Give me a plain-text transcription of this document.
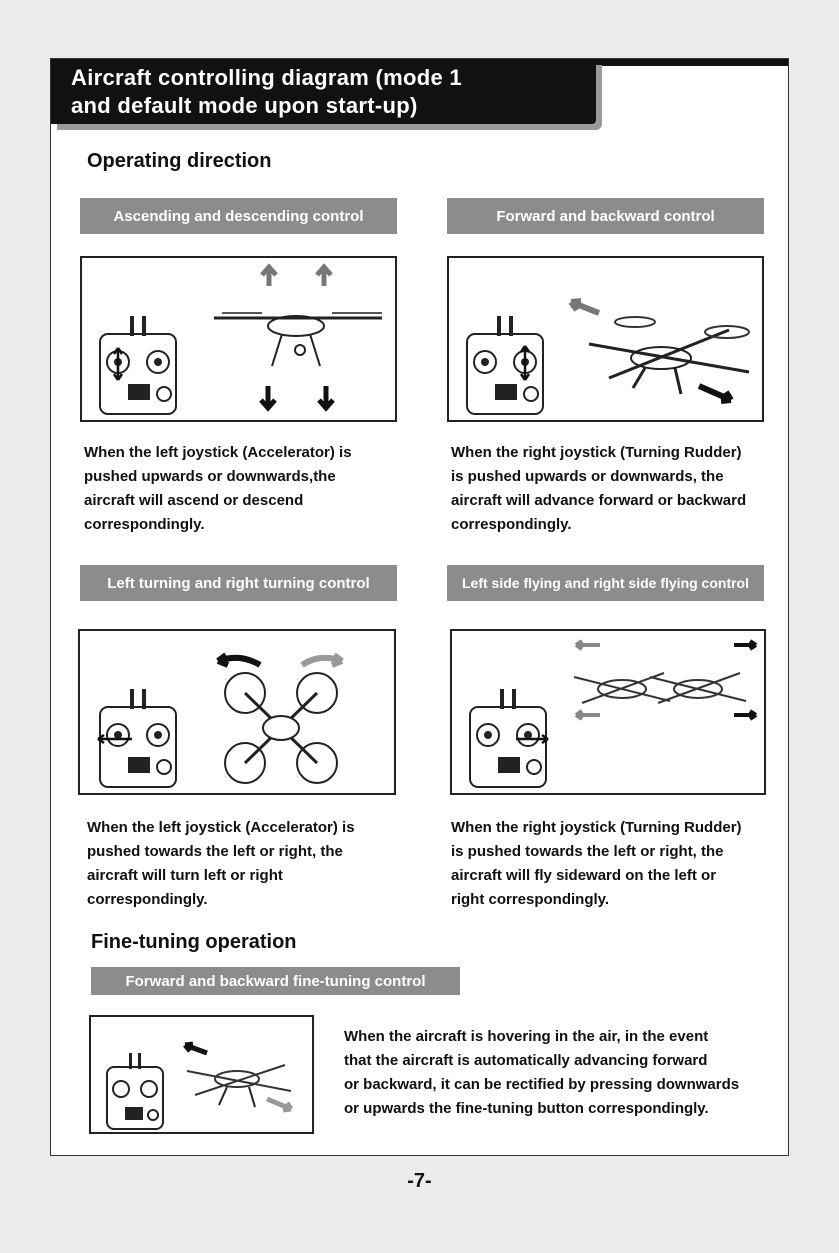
Aircraft controlling diagram (mode 1
and default mode upon start-up)
Operating direction
Ascending and descending control
When the left joystick (Accelerator) is
pushed upwards or downwards,the
aircraft will ascend or descend
correspondingly.
Forward and backward control
When the right joystick (Turning Rudder)
is pushed upwards or downwards, the
aircraft will advance forward or backward
correspondingly.
Left turning and right turning control
When the left joystick (Accelerator) is
pushed towards the left or right, the
aircraft will turn left or right
correspondingly.
Left side flying and right side flying control
When the right joystick (Turning Rudder)
is pushed towards the left or right, the
aircraft will fly sideward on the left or
right correspondingly.
Fine-tuning operation
Forward and backward fine-tuning control
When the aircraft is hovering in the air, in the event
that the aircraft is automatically advancing forward
or backward, it can be rectified by pressing downwards
or upwards the fine-tuning button correspondingly.
-7-
